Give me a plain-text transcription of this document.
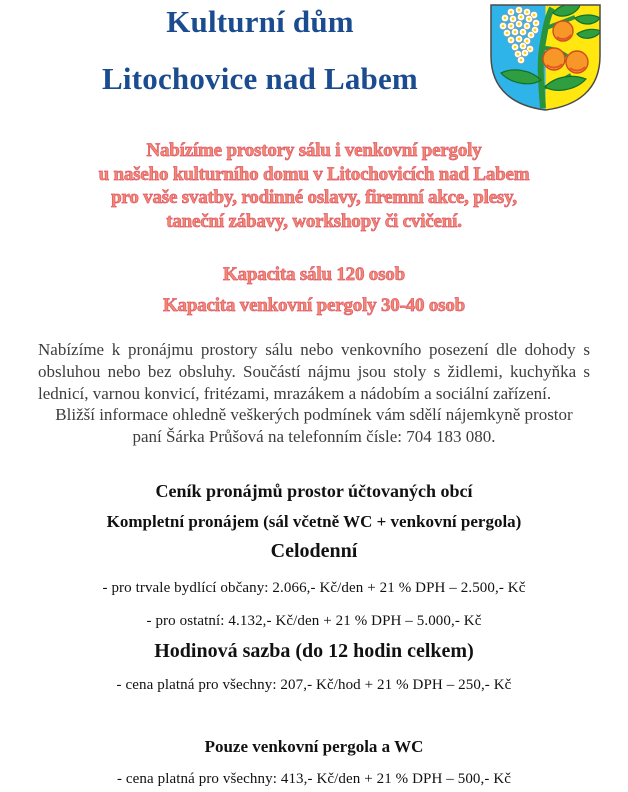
Kulturní dům
Litochovice nad Labem
Nabízíme prostory sálu i venkovní pergoly
u našeho kulturního domu v Litochovicích nad Labem
pro vaše svatby, rodinné oslavy, firemní akce, plesy,
taneční zábavy, workshopy či cvičení.
Kapacita sálu 120 osob
Kapacita venkovní pergoly 30-40 osob

Nabízíme k pronájmu prostory sálu nebo venkovního posezení dle dohody s obsluhou nebo bez obsluhy. Součástí nájmu jsou stoly s židlemi, kuchyňka s lednicí, varnou konvicí, fritézami, mrazákem a nádobím a sociální zařízení.

Bližší informace ohledně veškerých podmínek vám sdělí nájemkyně prostor
paní Šárka Průšová na telefonním čísle: 704 183 080.
Ceník pronájmů prostor účtovaných obcí
Kompletní pronájem (sál včetně WC + venkovní pergola)
Celodenní
- pro trvale bydlící občany: 2.066,- Kč/den + 21 % DPH – 2.500,- Kč
- pro ostatní: 4.132,- Kč/den + 21 % DPH – 5.000,- Kč
Hodinová sazba (do 12 hodin celkem)
- cena platná pro všechny: 207,- Kč/hod + 21 % DPH – 250,- Kč
Pouze venkovní pergola a WC
- cena platná pro všechny: 413,- Kč/den + 21 % DPH – 500,- Kč
